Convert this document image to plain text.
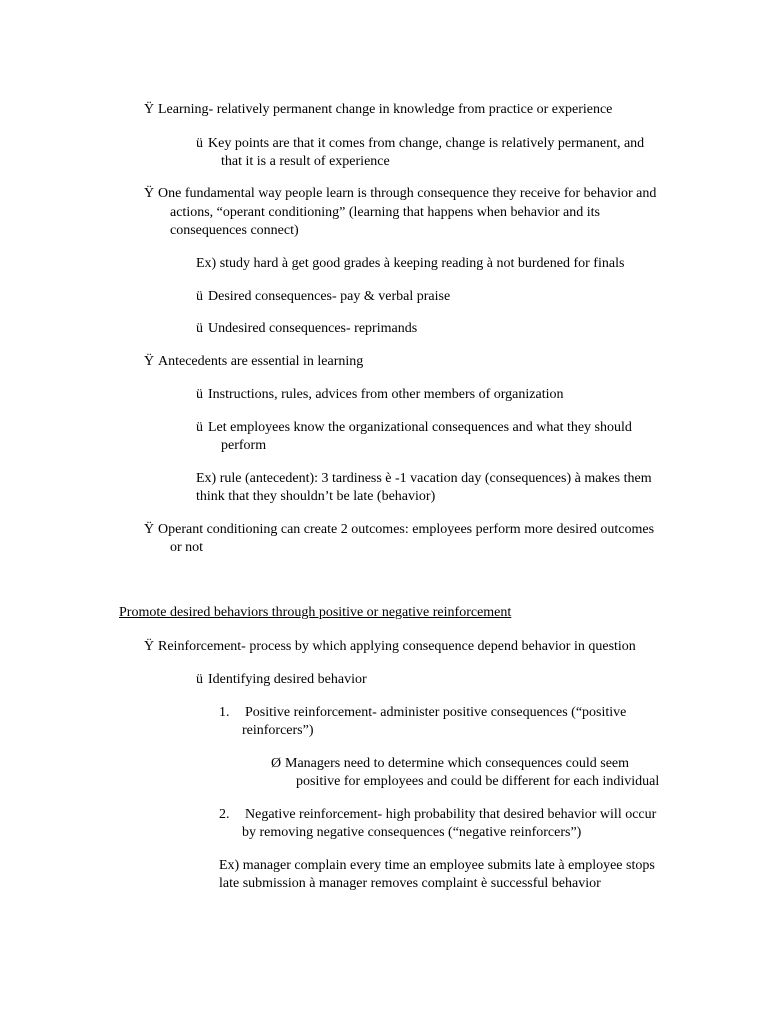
Ÿ Learning- relatively permanent change in knowledge from practice or experience
ü Key points are that it comes from change, change is relatively permanent, and
that it is a result of experience
Ÿ One fundamental way people learn is through consequence they receive for behavior and
actions, “operant conditioning” (learning that happens when behavior and its
consequences connect)
Ex) study hard à get good grades à keeping reading à not burdened for finals
ü Desired consequences- pay & verbal praise
ü Undesired consequences- reprimands
Ÿ Antecedents are essential in learning
ü Instructions, rules, advices from other members of organization
ü Let employees know the organizational consequences and what they should
perform
Ex) rule (antecedent): 3 tardiness è -1 vacation day (consequences) à makes them
think that they shouldn’t be late (behavior)
Ÿ Operant conditioning can create 2 outcomes: employees perform more desired outcomes
or not
Promote desired behaviors through positive or negative reinforcement
Ÿ Reinforcement- process by which applying consequence depend behavior in question
ü Identifying desired behavior
1. Positive reinforcement- administer positive consequences (“positive
reinforcers”)
Ø Managers need to determine which consequences could seem
positive for employees and could be different for each individual
2. Negative reinforcement- high probability that desired behavior will occur
by removing negative consequences (“negative reinforcers”)
Ex) manager complain every time an employee submits late à employee stops
late submission à manager removes complaint è successful behavior
